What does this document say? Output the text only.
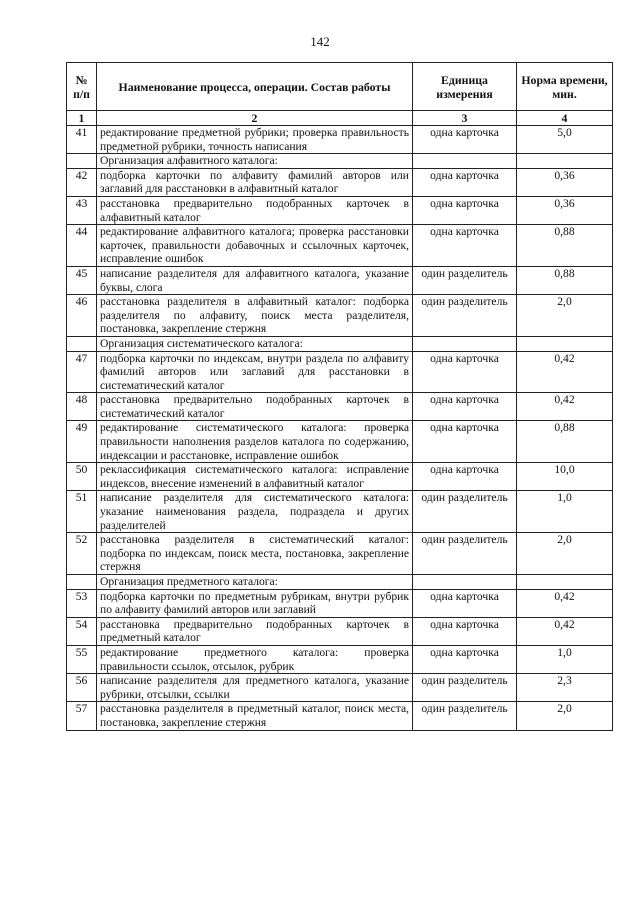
142
№ п/п	Наименование процесса, операции. Состав работы	Единица измерения	Норма времени, мин.
1	2	3	4
41	редактирование предметной рубрики; проверка правильность предметной рубрики, точность написания	одна карточка	5,0
	Организация алфавитного каталога:		
42	подборка карточки по алфавиту фамилий авторов или заглавий для расстановки в алфавитный каталог	одна карточка	0,36
43	расстановка предварительно подобранных карточек в алфавитный каталог	одна карточка	0,36
44	редактирование алфавитного каталога; проверка расстановки карточек, правильности добавочных и ссылочных карточек, исправление ошибок	одна карточка	0,88
45	написание разделителя для алфавитного каталога, указание буквы, слога	один разделитель	0,88
46	расстановка разделителя в алфавитный каталог: подборка разделителя по алфавиту, поиск места разделителя, постановка, закрепление стержня	один разделитель	2,0
	Организация систематического каталога:		
47	подборка карточки по индексам, внутри раздела по алфавиту фамилий авторов или заглавий для расстановки в систематический каталог	одна карточка	0,42
48	расстановка предварительно подобранных карточек в систематический каталог	одна карточка	0,42
49	редактирование систематического каталога: проверка правильности наполнения разделов каталога по содержанию, индексации и расстановке, исправление ошибок	одна карточка	0,88
50	реклассификация систематического каталога: исправление индексов, внесение изменений в алфавитный каталог	одна карточка	10,0
51	написание разделителя для систематического каталога: указание наименования раздела, подраздела и других разделителей	один разделитель	1,0
52	расстановка разделителя в систематический каталог: подборка по индексам, поиск места, постановка, закрепление стержня	один разделитель	2,0
	Организация предметного каталога:		
53	подборка карточки по предметным рубрикам, внутри рубрик по алфавиту фамилий авторов или заглавий	одна карточка	0,42
54	расстановка предварительно подобранных карточек в предметный каталог	одна карточка	0,42
55	редактирование предметного каталога: проверка правильности ссылок, отсылок, рубрик	одна карточка	1,0
56	написание разделителя для предметного каталога, указание рубрики, отсылки, ссылки	один разделитель	2,3
57	расстановка разделителя в предметный каталог, поиск места, постановка, закрепление стержня	один разделитель	2,0
